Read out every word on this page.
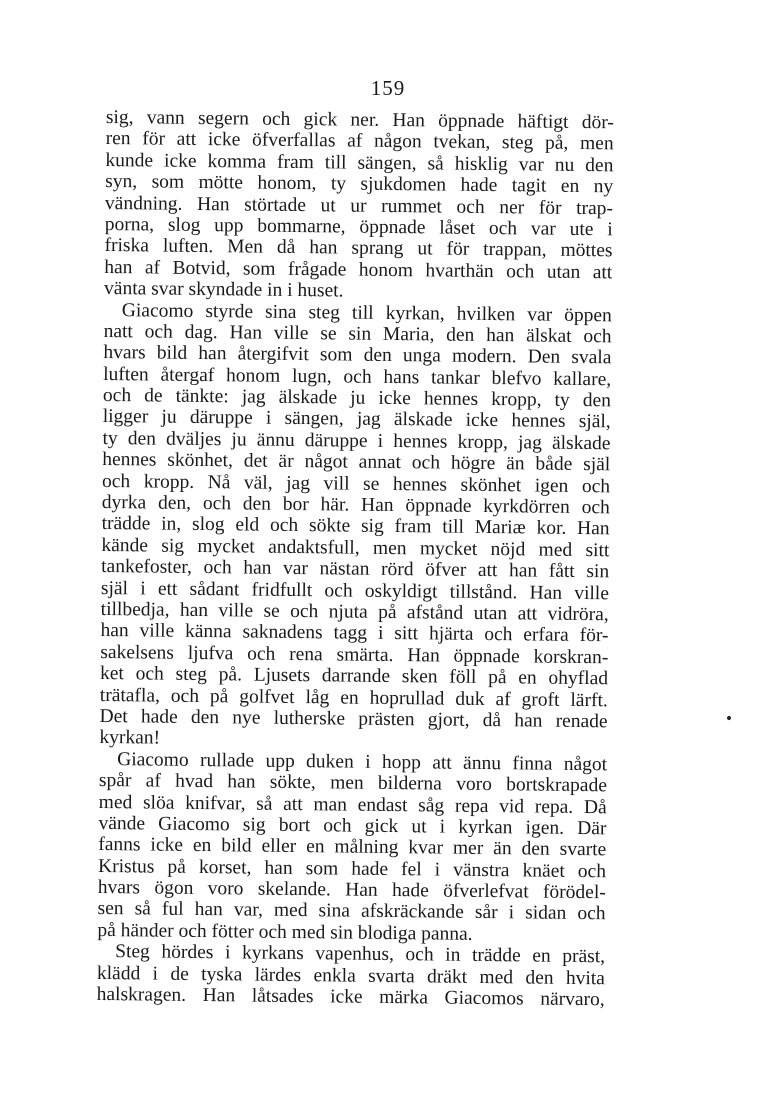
159
sig, vann segern och gick ner. Han öppnade häftigt dör-
ren för att icke öfverfallas af någon tvekan, steg på, men
kunde icke komma fram till sängen, så hisklig var nu den
syn, som mötte honom, ty sjukdomen hade tagit en ny
vändning. Han störtade ut ur rummet och ner för trap-
porna, slog upp bommarne, öppnade låset och var ute i
friska luften. Men då han sprang ut för trappan, möttes
han af Botvid, som frågade honom hvarthän och utan att
vänta svar skyndade in i huset.
Giacomo styrde sina steg till kyrkan, hvilken var öppen
natt och dag. Han ville se sin Maria, den han älskat och
hvars bild han återgifvit som den unga modern. Den svala
luften återgaf honom lugn, och hans tankar blefvo kallare,
och de tänkte: jag älskade ju icke hennes kropp, ty den
ligger ju däruppe i sängen, jag älskade icke hennes själ,
ty den dväljes ju ännu däruppe i hennes kropp, jag älskade
hennes skönhet, det är något annat och högre än både själ
och kropp. Nå väl, jag vill se hennes skönhet igen och
dyrka den, och den bor här. Han öppnade kyrkdörren och
trädde in, slog eld och sökte sig fram till Mariæ kor. Han
kände sig mycket andaktsfull, men mycket nöjd med sitt
tankefoster, och han var nästan rörd öfver att han fått sin
själ i ett sådant fridfullt och oskyldigt tillstånd. Han ville
tillbedja, han ville se och njuta på afstånd utan att vidröra,
han ville känna saknadens tagg i sitt hjärta och erfara för-
sakelsens ljufva och rena smärta. Han öppnade korskran-
ket och steg på. Ljusets darrande sken föll på en ohyflad
trätafla, och på golfvet låg en hoprullad duk af groft lärft.
Det hade den nye lutherske prästen gjort, då han renade
kyrkan!
Giacomo rullade upp duken i hopp att ännu finna något
spår af hvad han sökte, men bilderna voro bortskrapade
med slöa knifvar, så att man endast såg repa vid repa. Då
vände Giacomo sig bort och gick ut i kyrkan igen. Där
fanns icke en bild eller en målning kvar mer än den svarte
Kristus på korset, han som hade fel i vänstra knäet och
hvars ögon voro skelande. Han hade öfverlefvat förödel-
sen så ful han var, med sina afskräckande sår i sidan och
på händer och fötter och med sin blodiga panna.
Steg hördes i kyrkans vapenhus, och in trädde en präst,
klädd i de tyska lärdes enkla svarta dräkt med den hvita
halskragen. Han låtsades icke märka Giacomos närvaro,
